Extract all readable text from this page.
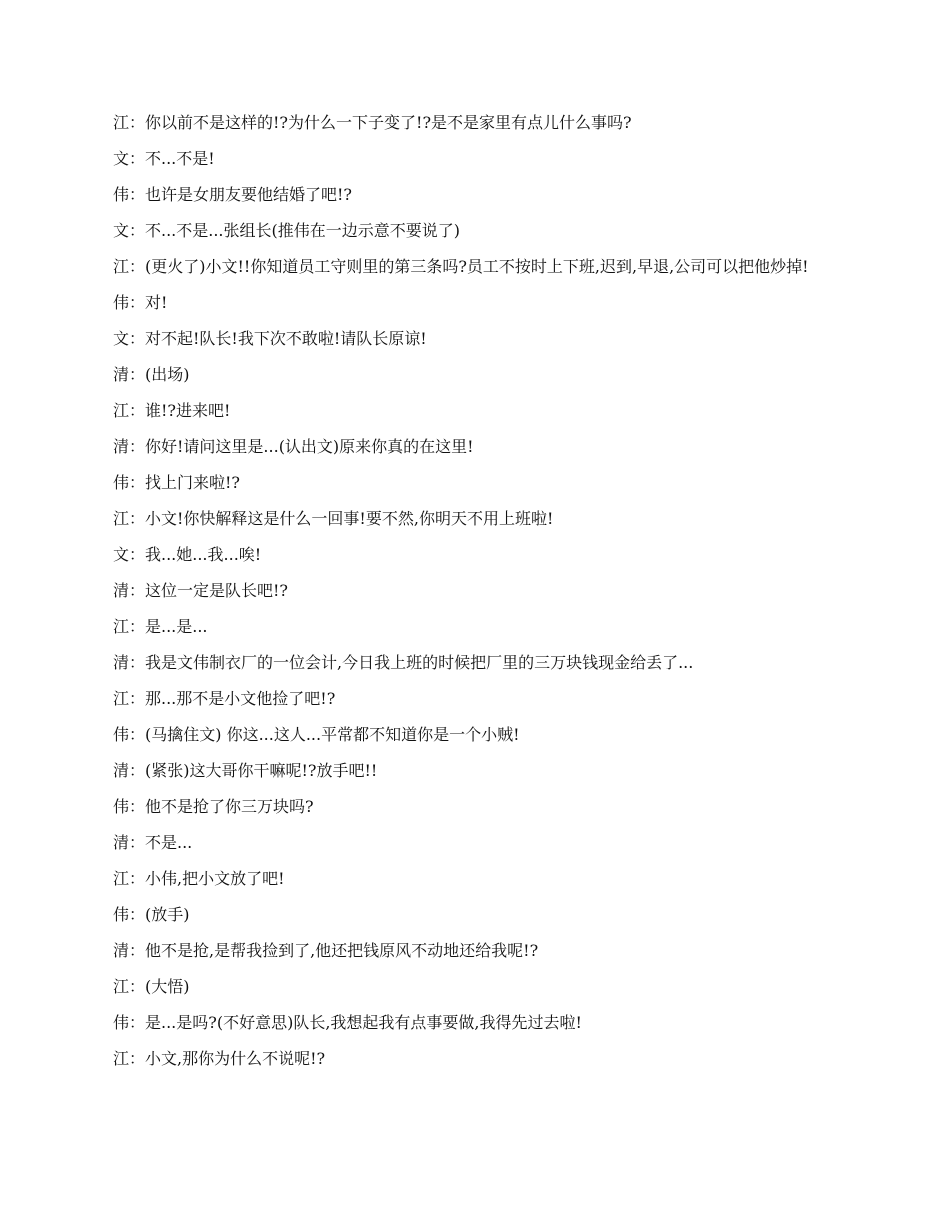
江：你以前不是这样的!?为什么一下子变了!?是不是家里有点儿什么事吗?

文：不...不是!

伟：也许是女朋友要他结婚了吧!?

文：不...不是...张组长(推伟在一边示意不要说了)

江：(更火了)小文!!你知道员工守则里的第三条吗?员工不按时上下班,迟到,早退,公司可以把他炒掉!

伟：对!

文：对不起!队长!我下次不敢啦!请队长原谅!

清：(出场)

江：谁!?进来吧!

清：你好!请问这里是...(认出文)原来你真的在这里!

伟：找上门来啦!?

江：小文!你快解释这是什么一回事!要不然,你明天不用上班啦!

文：我...她...我...唉!

清：这位一定是队长吧!?

江：是...是...

清：我是文伟制衣厂的一位会计,今日我上班的时候把厂里的三万块钱现金给丢了...

江：那...那不是小文他捡了吧!?

伟：(马擒住文) 你这...这人...平常都不知道你是一个小贼!

清：(紧张)这大哥你干嘛呢!?放手吧!!

伟：他不是抢了你三万块吗?

清：不是...

江：小伟,把小文放了吧!

伟：(放手)

清：他不是抢,是帮我捡到了,他还把钱原风不动地还给我呢!?

江：(大悟)

伟：是...是吗?(不好意思)队长,我想起我有点事要做,我得先过去啦!

江：小文,那你为什么不说呢!?
